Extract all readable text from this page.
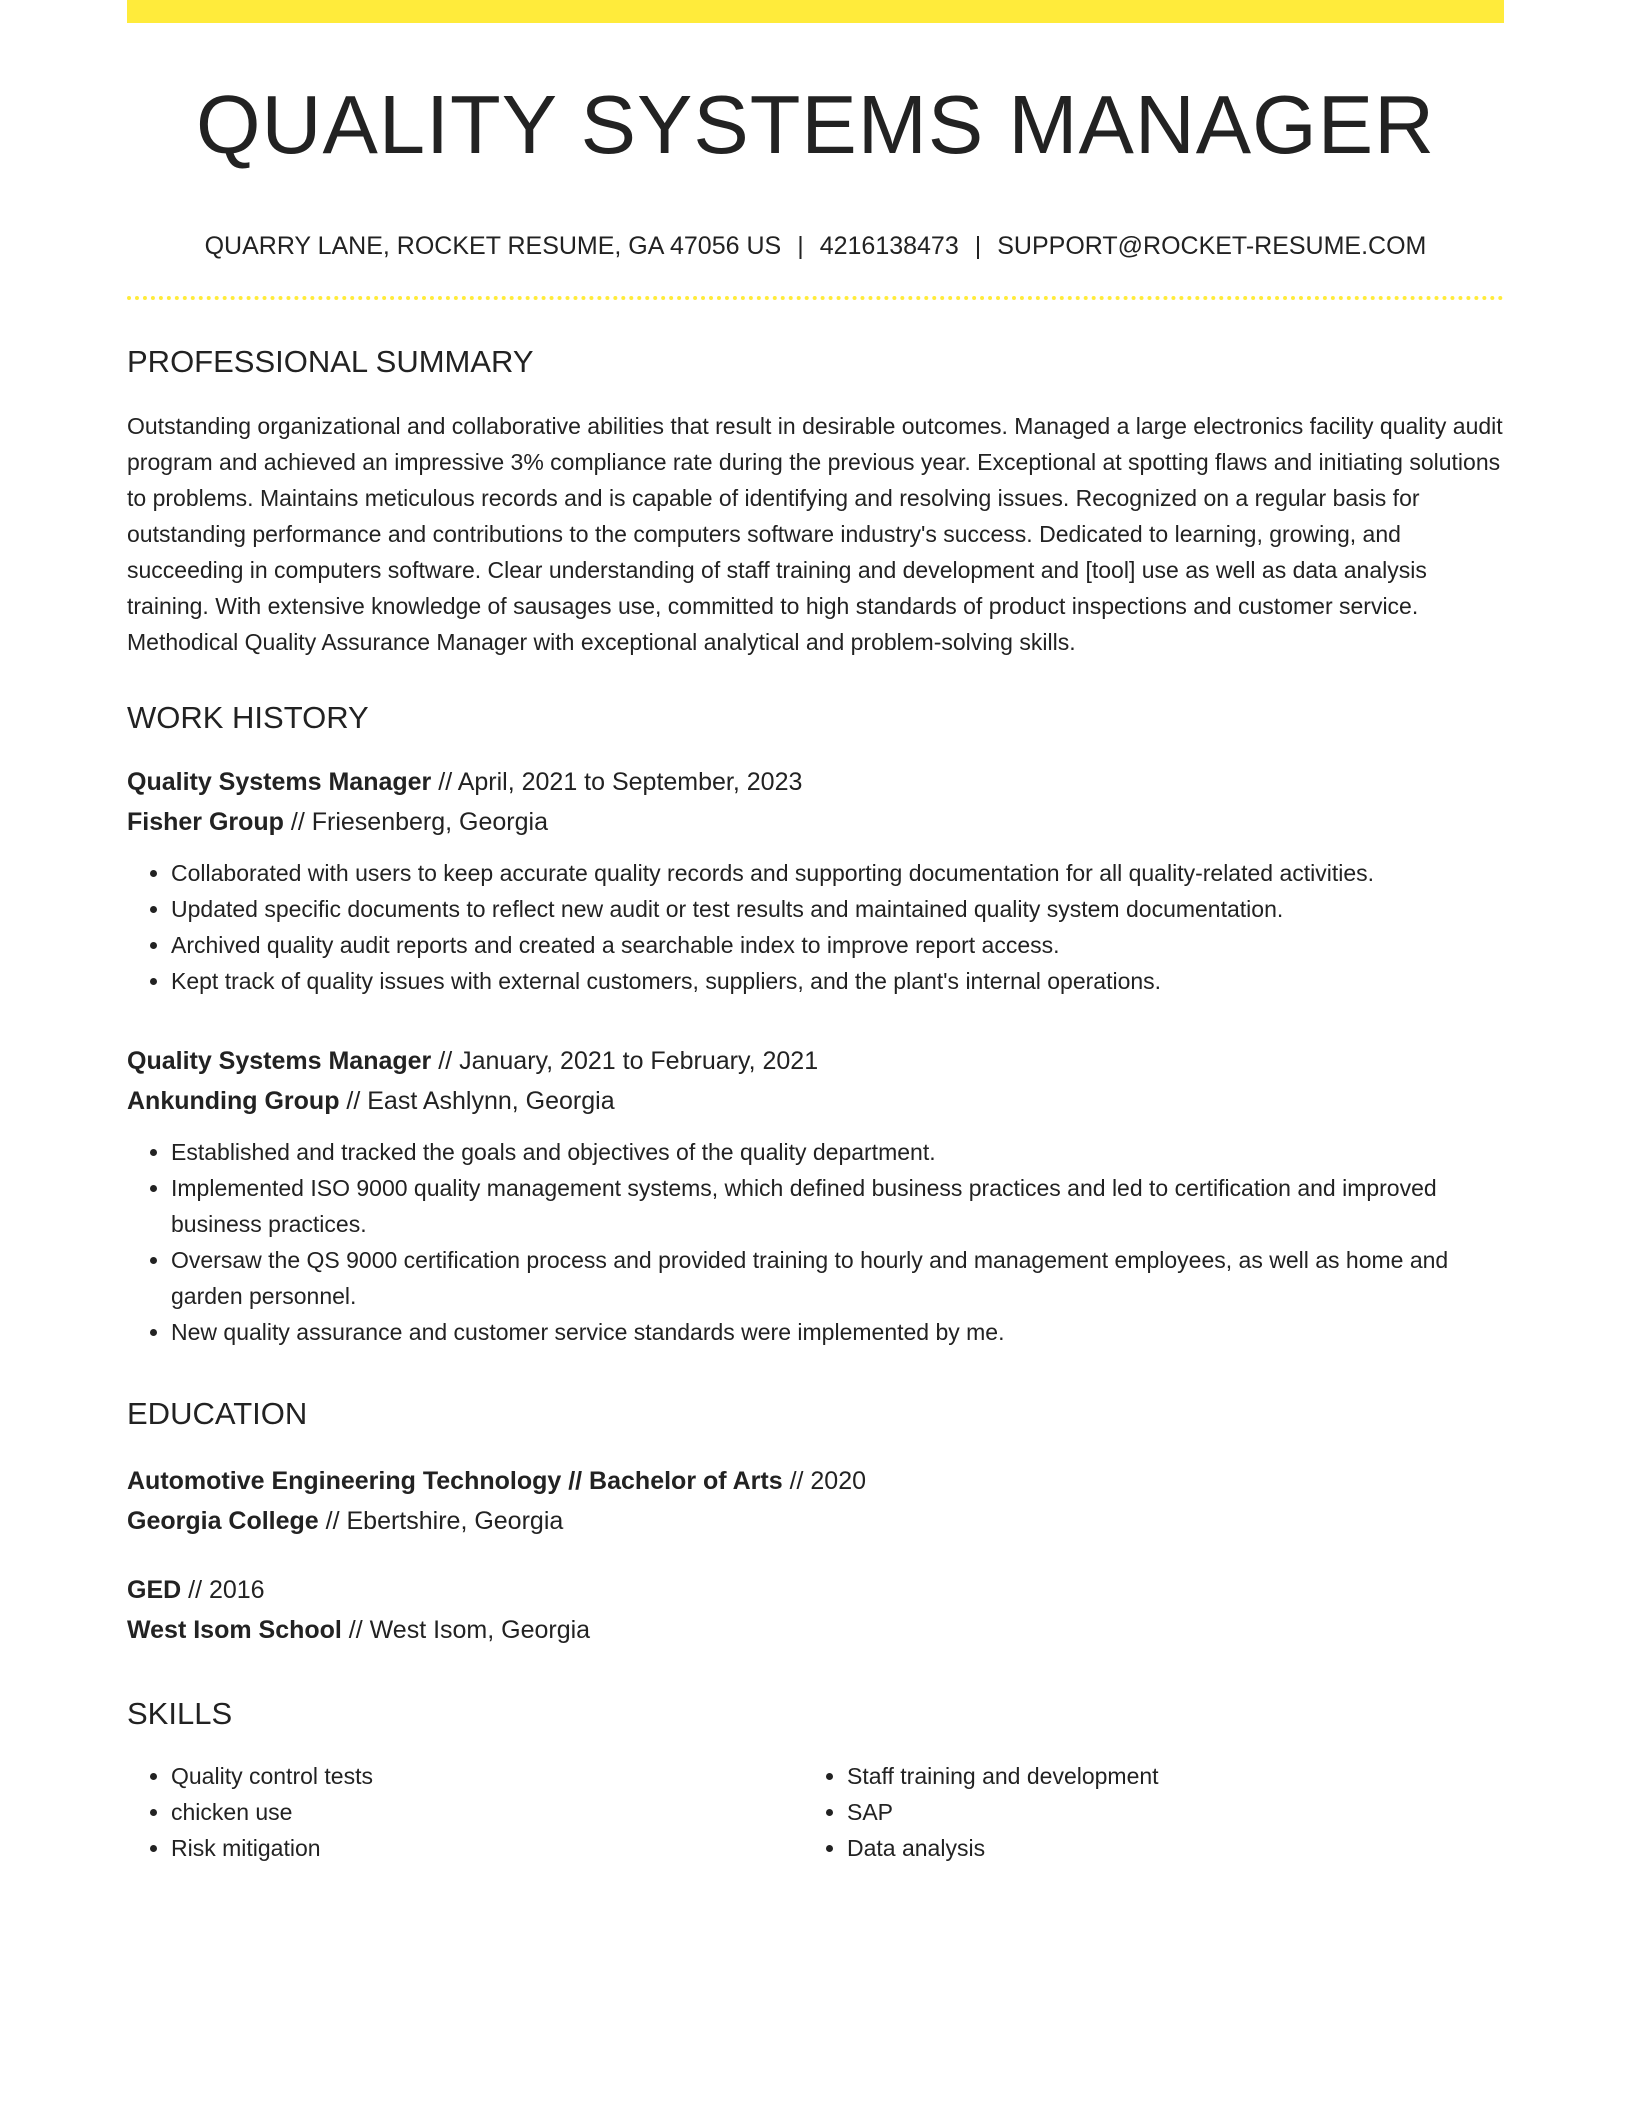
QUALITY SYSTEMS MANAGER
QUARRY LANE, ROCKET RESUME, GA 47056 US | 4216138473 | SUPPORT@ROCKET-RESUME.COM
PROFESSIONAL SUMMARY

Outstanding organizational and collaborative abilities that result in desirable outcomes. Managed a large electronics facility quality audit program and achieved an impressive 3% compliance rate during the previous year. Exceptional at spotting flaws and initiating solutions to problems. Maintains meticulous records and is capable of identifying and resolving issues. Recognized on a regular basis for outstanding performance and contributions to the computers software industry's success. Dedicated to learning, growing, and succeeding in computers software. Clear understanding of staff training and development and [tool] use as well as data analysis training. With extensive knowledge of sausages use, committed to high standards of product inspections and customer service. Methodical Quality Assurance Manager with exceptional analytical and problem-solving skills.

WORK HISTORY
Quality Systems Manager // April, 2021 to September, 2023
Fisher Group // Friesenberg, Georgia
• Collaborated with users to keep accurate quality records and supporting documentation for all quality-related activities.
• Updated specific documents to reflect new audit or test results and maintained quality system documentation.
• Archived quality audit reports and created a searchable index to improve report access.
• Kept track of quality issues with external customers, suppliers, and the plant's internal operations.
Quality Systems Manager // January, 2021 to February, 2021
Ankunding Group // East Ashlynn, Georgia
• Established and tracked the goals and objectives of the quality department.
• Implemented ISO 9000 quality management systems, which defined business practices and led to certification and improved business practices.
• Oversaw the QS 9000 certification process and provided training to hourly and management employees, as well as home and garden personnel.
• New quality assurance and customer service standards were implemented by me.
EDUCATION
Automotive Engineering Technology // Bachelor of Arts // 2020
Georgia College // Ebertshire, Georgia
GED // 2016
West Isom School // West Isom, Georgia
SKILLS
• Quality control tests
• chicken use
• Risk mitigation
• Staff training and development
• SAP
• Data analysis
